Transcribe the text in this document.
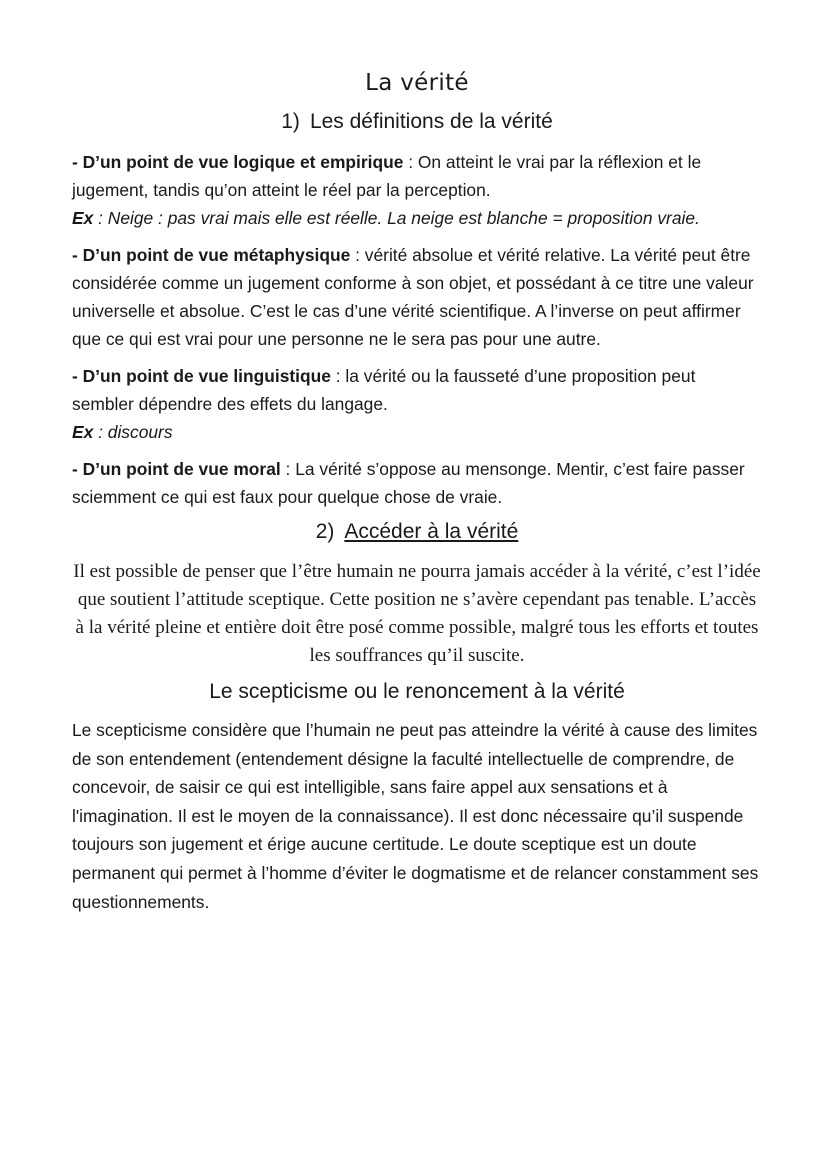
La vérité
1) Les définitions de la vérité

- D’un point de vue logique et empirique : On atteint le vrai par la réflexion et le jugement, tandis qu’on atteint le réel par la perception.
Ex : Neige : pas vrai mais elle est réelle. La neige est blanche = proposition vraie.

- D’un point de vue métaphysique : vérité absolue et vérité relative. La vérité peut être considérée comme un jugement conforme à son objet, et possédant à ce titre une valeur universelle et absolue. C’est le cas d’une vérité scientifique. A l’inverse on peut affirmer que ce qui est vrai pour une personne ne le sera pas pour une autre.

- D’un point de vue linguistique : la vérité ou la fausseté d’une proposition peut sembler dépendre des effets du langage.
Ex : discours

- D’un point de vue moral : La vérité s’oppose au mensonge. Mentir, c’est faire passer sciemment ce qui est faux pour quelque chose de vraie.

2) Accéder à la vérité

Il est possible de penser que l’être humain ne pourra jamais accéder à la vérité, c’est l’idée que soutient l’attitude sceptique. Cette position ne s’avère cependant pas tenable. L’accès à la vérité pleine et entière doit être posé comme possible, malgré tous les efforts et toutes les souffrances qu’il suscite.

Le scepticisme ou le renoncement à la vérité

Le scepticisme considère que l’humain ne peut pas atteindre la vérité à cause des limites de son entendement (entendement désigne la faculté intellectuelle de comprendre, de concevoir, de saisir ce qui est intelligible, sans faire appel aux sensations et à l'imagination. Il est le moyen de la connaissance). Il est donc nécessaire qu’il suspende toujours son jugement et érige aucune certitude. Le doute sceptique est un doute permanent qui permet à l’homme d’éviter le dogmatisme et de relancer constamment ses questionnements.
